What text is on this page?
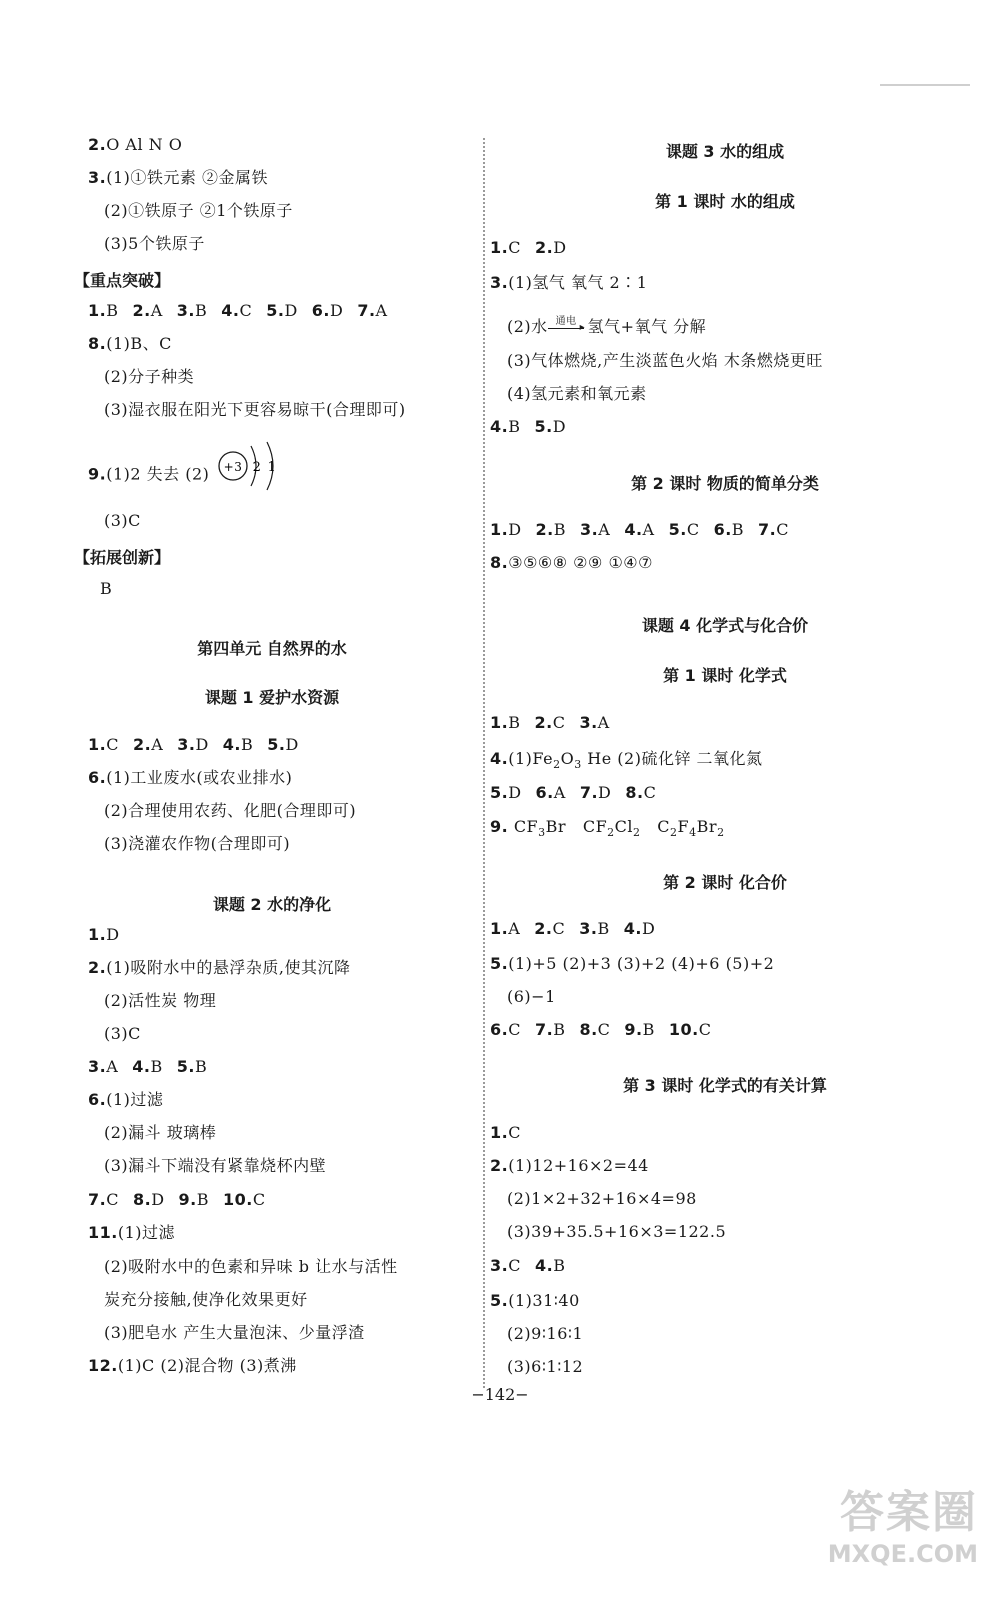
2.O Al N O
3.(1)①铁元素 ②金属铁
(2)①铁原子 ②1个铁原子
(3)5个铁原子
【重点突破】
1.B 2.A 3.B 4.C 5.D 6.D 7.A
8.(1)B、C
(2)分子种类
(3)湿衣服在阳光下更容易晾干(合理即可)
9.(1)2 失去 (2) +3 2 1
(3)C
【拓展创新】
B
第四单元 自然界的水
课题 1 爱护水资源
1.C 2.A 3.D 4.B 5.D
6.(1)工业废水(或农业排水)
(2)合理使用农药、化肥(合理即可)
(3)浇灌农作物(合理即可)
课题 2 水的净化
1.D
2.(1)吸附水中的悬浮杂质,使其沉降
(2)活性炭 物理
(3)C
3.A 4.B 5.B
6.(1)过滤
(2)漏斗 玻璃棒
(3)漏斗下端没有紧靠烧杯内壁
7.C 8.D 9.B 10.C
11.(1)过滤
(2)吸附水中的色素和异味 b 让水与活性
炭充分接触,使净化效果更好
(3)肥皂水 产生大量泡沫、少量浮渣
12.(1)C (2)混合物 (3)煮沸
课题 3 水的组成
第 1 课时 水的组成
1.C 2.D
3.(1)氢气 氧气 2∶1
(2)水 通电
▸ 氢气+氧气 分解
(3)气体燃烧,产生淡蓝色火焰 木条燃烧更旺
(4)氢元素和氧元素
4.B 5.D
第 2 课时 物质的简单分类
1.D 2.B 3.A 4.A 5.C 6.B 7.C
8.③⑤⑥⑧ ②⑨ ①④⑦
课题 4 化学式与化合价
第 1 课时 化学式
1.B 2.C 3.A
$4.(1)Fe_2O_3$ He (2)硫化锌 二氧化氮
5.D 6.A 7.D 8.C
9. $CF_3Br$ $CF_2Cl_2$ $C_2F_4Br_2$
第 2 课时 化合价
1.A 2.C 3.B 4.D
5.(1)+5 (2)+3 (3)+2 (4)+6 (5)+2
(6)−1
6.C 7.B 8.C 9.B 10.C
第 3 课时 化学式的有关计算
1.C
2.(1)12+16×2=44
(2)1×2+32+16×4=98
(3)39+35.5+16×3=122.5
3.C 4.B
5.(1)31∶40
(2)9∶16∶1
(3)6∶1∶12
−142−
答案圈
MXQE.COM
